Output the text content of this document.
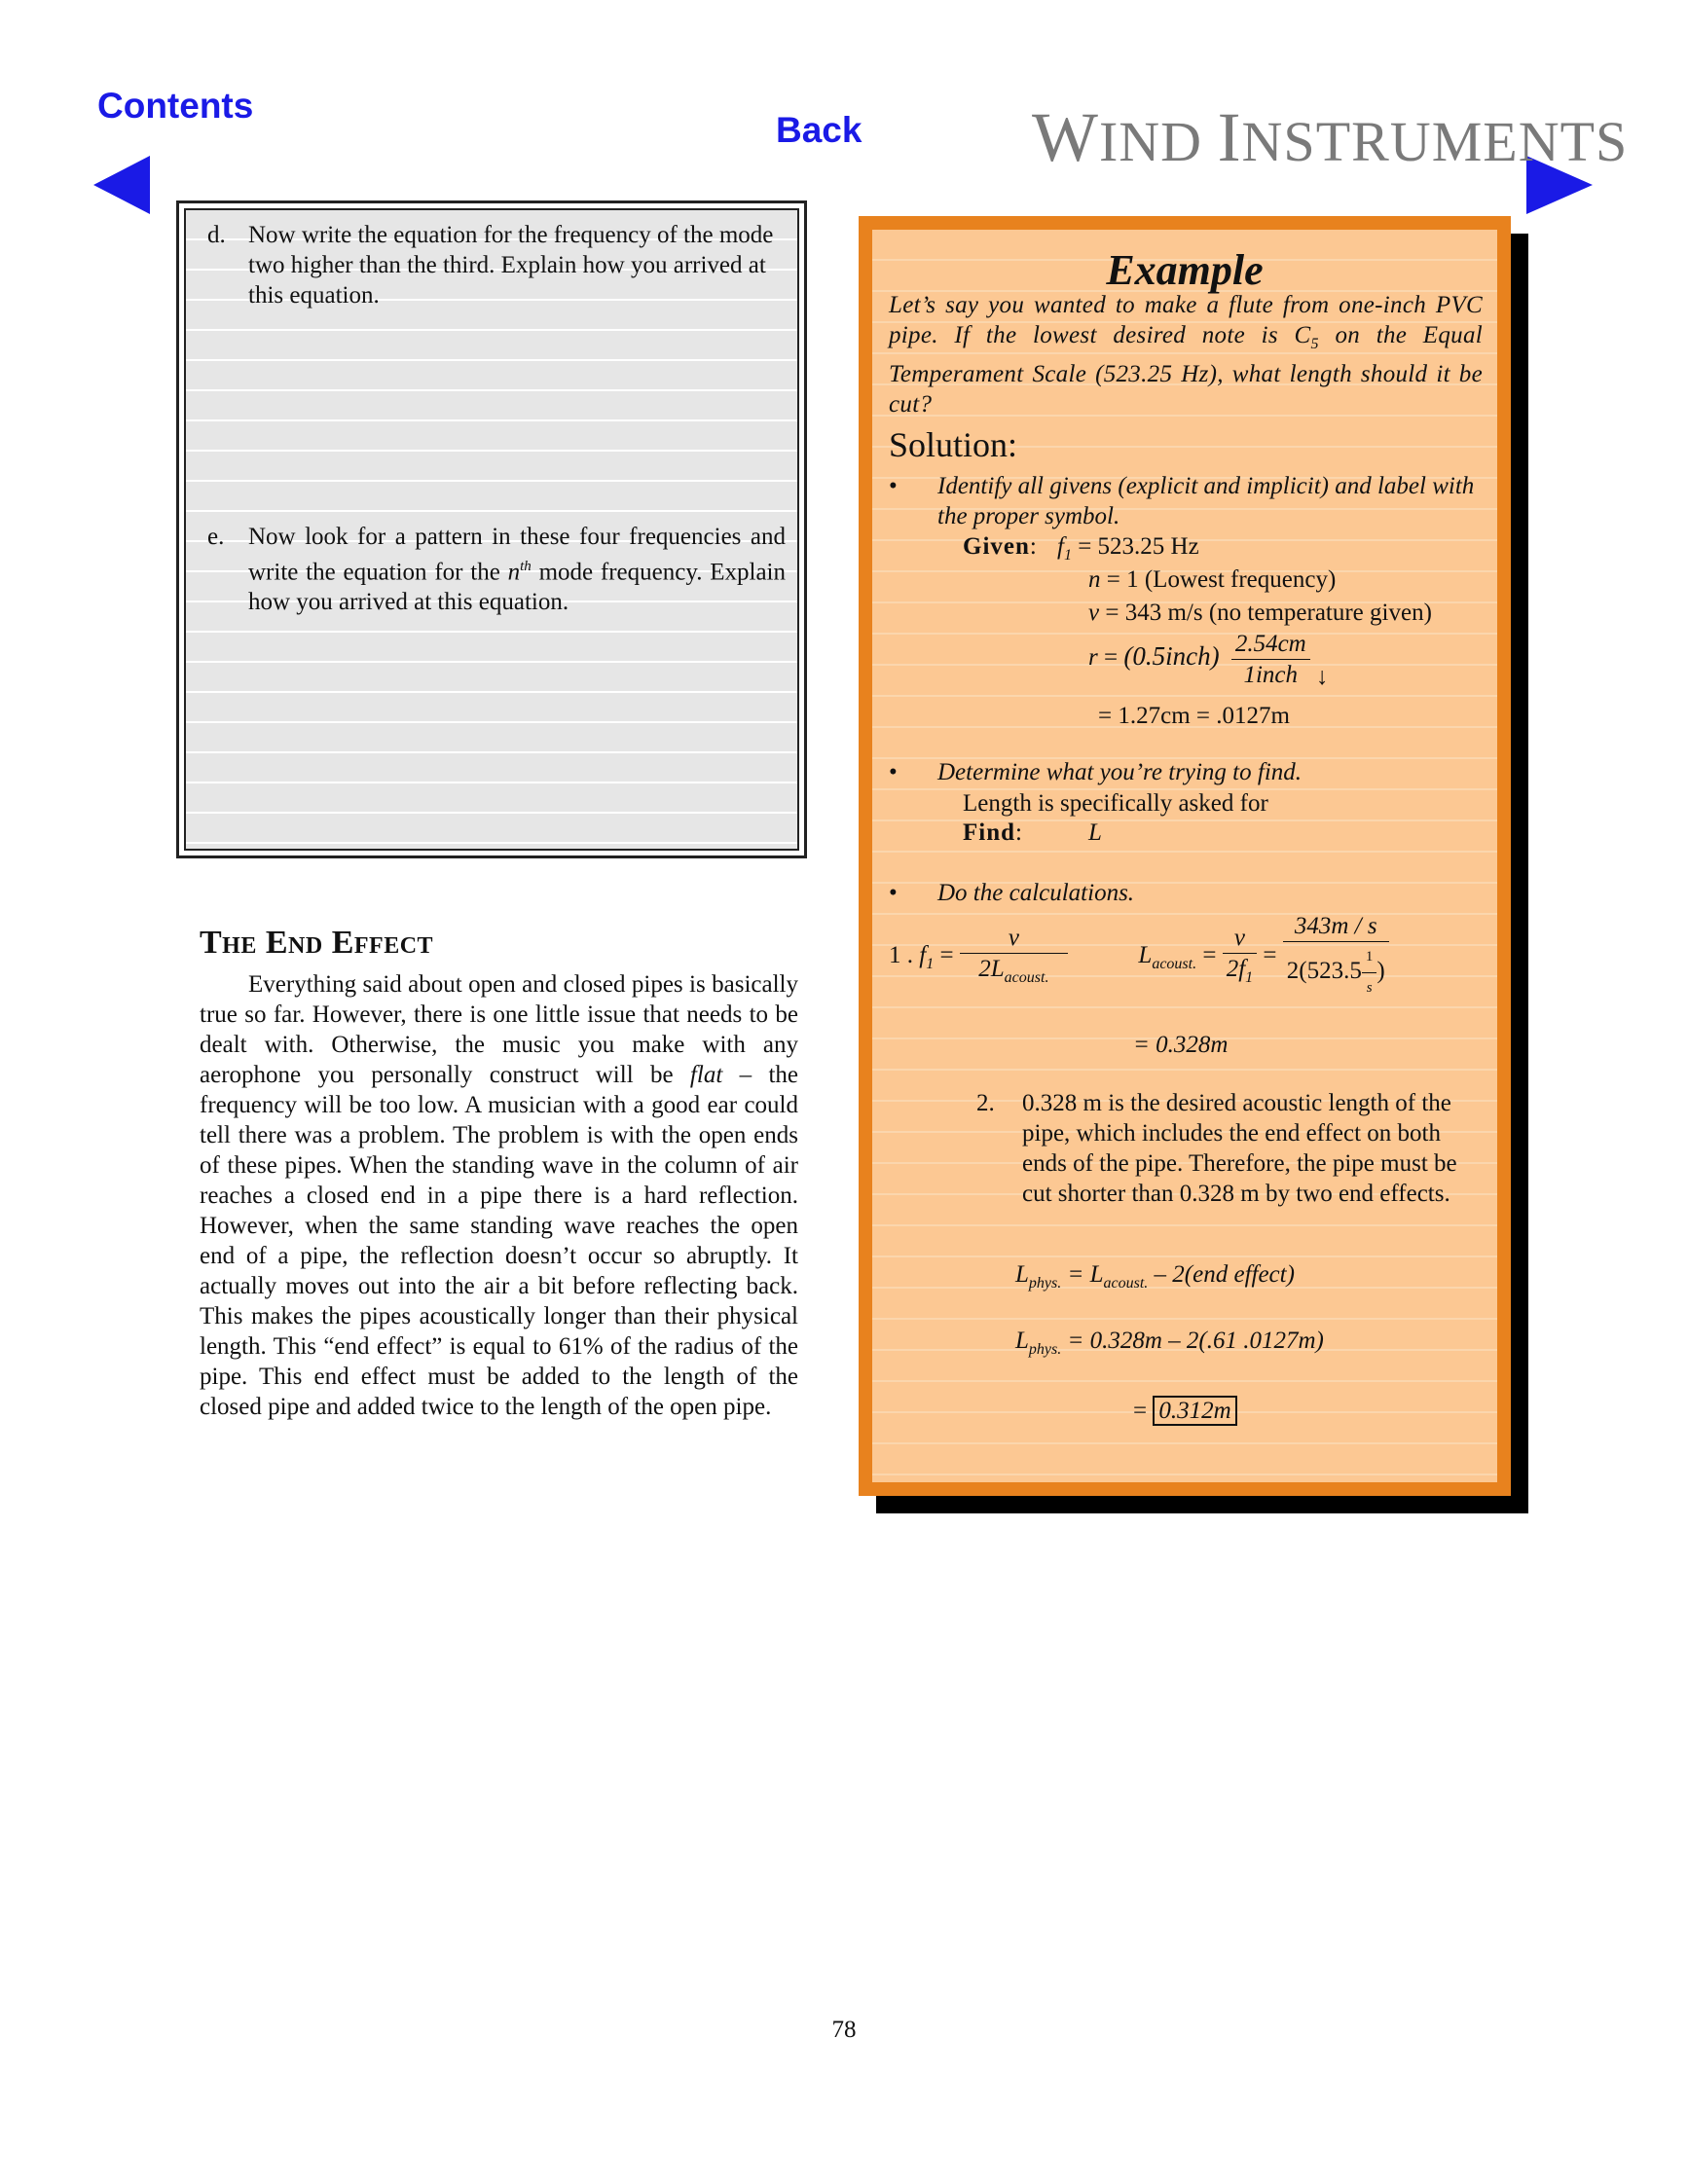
Contents
Back WIND INSTRUMENTS
d. Now write the equation for the frequency of the mode two higher than the third. Explain how you arrived at this equation.
e. Now look for a pattern in these four frequencies and write the equation for the $n^{th}$ mode frequency. Explain how you arrived at this equation.
The End Effect
Everything said about open and closed pipes is basically true so far. However, there is one little issue that needs to be dealt with. Otherwise, the music you make with any aerophone you personally construct will be flat – the frequency will be too low. A musician with a good ear could tell there was a problem. The problem is with the open ends of these pipes. When the standing wave in the column of air reaches a closed end in a pipe there is a hard reflection. However, when the same standing wave reaches the open end of a pipe, the reflection doesn’t occur so abruptly. It actually moves out into the air a bit before reflecting back. This makes the pipes acoustically longer than their physical length. This “end effect” is equal to 61% of the radius of the pipe. This end effect must be added to the length of the closed pipe and added twice to the length of the open pipe.
Example
Let’s say you wanted to make a flute from one-inch PVC pipe. If the lowest desired note is $C_5$ on the Equal Temperament Scale (523.25 Hz), what length should it be cut?
Solution:
• Identify all givens (explicit and implicit) and label with the proper symbol.
Given: $f_1 = 523.25$ Hz
n = 1 (Lowest frequency)
v = 343 m/s (no temperature given)
r = (0.5inch) $\frac{2.54cm}{\text{1inch}}$ ↓
= 1.27cm = .0127m
• Determine what you’re trying to find.
Length is specifically asked for
Find:	L
• Do the calculations.
1 . $f_1 = \frac{v}{2L_{acoust.}}$	$L_{acoust.} = \frac{v}{2f_1} = \frac{343m / s}{2(523.5 \frac{1}{s} )}$
= 0.328m
2. 0.328 m is the desired acoustic length of the pipe, which includes the end effect on both ends of the pipe. Therefore, the pipe must be cut shorter than 0.328 m by two end effects.
$L_{phys.} = L_{acoust.} - 2(end$ effect)
$L_{phys.} = 0.328m - 2(.61$ .0127m)
= 0.312m
78
